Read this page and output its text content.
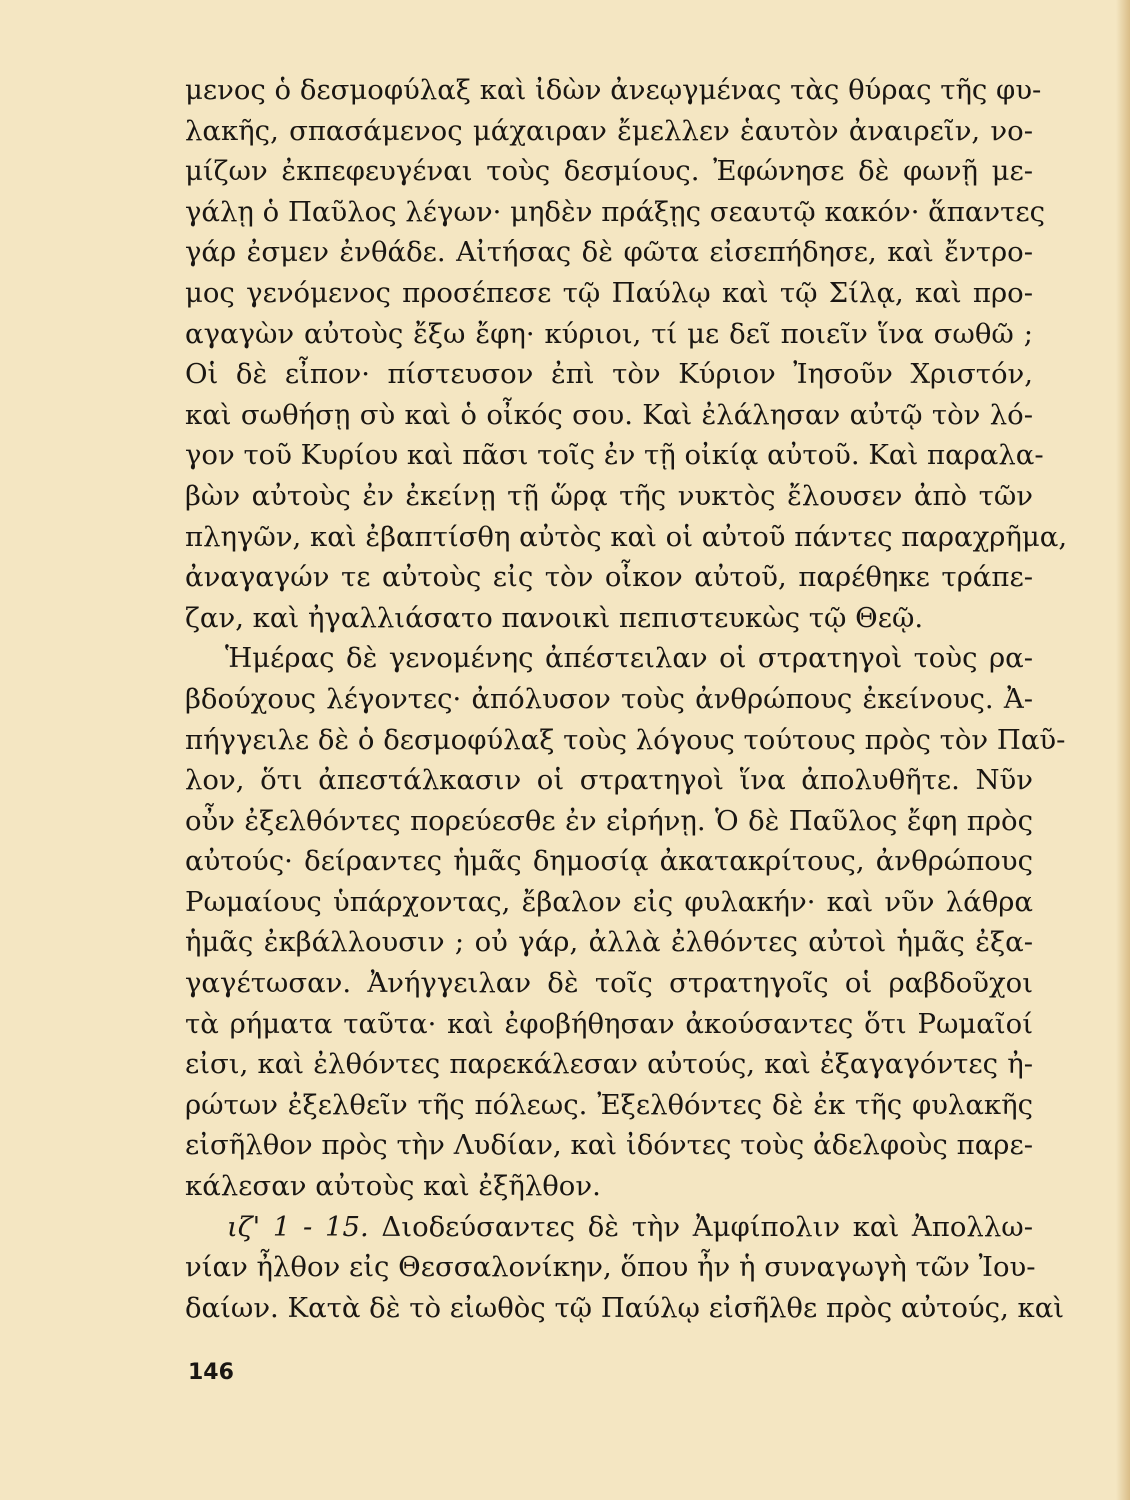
μενος ὁ δεσμοφύλαξ καὶ ἰδὼν ἀνεῳγμένας τὰς θύρας τῆς φυ-
λακῆς, σπασάμενος μάχαιραν ἔμελλεν ἑαυτὸν ἀναιρεῖν, νο-
μίζων ἐκπεφευγέναι τοὺς δεσμίους. Ἐφώνησε δὲ φωνῇ με-
γάλῃ ὁ Παῦλος λέγων· μηδὲν πράξῃς σεαυτῷ κακόν· ἅπαντες
γάρ ἐσμεν ἐνθάδε. Αἰτήσας δὲ φῶτα εἰσεπήδησε, καὶ ἔντρο-
μος γενόμενος προσέπεσε τῷ Παύλῳ καὶ τῷ Σίλᾳ, καὶ προ-
αγαγὼν αὐτοὺς ἔξω ἔφη· κύριοι, τί με δεῖ ποιεῖν ἵνα σωθῶ ;
Οἱ δὲ εἶπον· πίστευσον ἐπὶ τὸν Κύριον Ἰησοῦν Χριστόν,
καὶ σωθήσῃ σὺ καὶ ὁ οἶκός σου. Καὶ ἐλάλησαν αὐτῷ τὸν λό-
γον τοῦ Κυρίου καὶ πᾶσι τοῖς ἐν τῇ οἰκίᾳ αὐτοῦ. Καὶ παραλα-
βὼν αὐτοὺς ἐν ἐκείνῃ τῇ ὥρᾳ τῆς νυκτὸς ἔλουσεν ἀπὸ τῶν
πληγῶν, καὶ ἐβαπτίσθη αὐτὸς καὶ οἱ αὐτοῦ πάντες παραχρῆμα,
ἀναγαγών τε αὐτοὺς εἰς τὸν οἶκον αὐτοῦ, παρέθηκε τράπε-
ζαν, καὶ ἠγαλλιάσατο πανοικὶ πεπιστευκὼς τῷ Θεῷ.
Ἡμέρας δὲ γενομένης ἀπέστειλαν οἱ στρατηγοὶ τοὺς ρα-
βδούχους λέγοντες· ἀπόλυσον τοὺς ἀνθρώπους ἐκείνους. Ἀ-
πήγγειλε δὲ ὁ δεσμοφύλαξ τοὺς λόγους τούτους πρὸς τὸν Παῦ-
λον, ὅτι ἀπεστάλκασιν οἱ στρατηγοὶ ἵνα ἀπολυθῆτε. Νῦν
οὖν ἐξελθόντες πορεύεσθε ἐν εἰρήνῃ. Ὁ δὲ Παῦλος ἔφη πρὸς
αὐτούς· δείραντες ἡμᾶς δημοσίᾳ ἀκατακρίτους, ἀνθρώπους
Ρωμαίους ὑπάρχοντας, ἔβαλον εἰς φυλακήν· καὶ νῦν λάθρα
ἡμᾶς ἐκβάλλουσιν ; οὐ γάρ, ἀλλὰ ἐλθόντες αὐτοὶ ἡμᾶς ἐξα-
γαγέτωσαν. Ἀνήγγειλαν δὲ τοῖς στρατηγοῖς οἱ ραβδοῦχοι
τὰ ρήματα ταῦτα· καὶ ἐφοβήθησαν ἀκούσαντες ὅτι Ρωμαῖοί
εἰσι, καὶ ἐλθόντες παρεκάλεσαν αὐτούς, καὶ ἐξαγαγόντες ἠ-
ρώτων ἐξελθεῖν τῆς πόλεως. Ἐξελθόντες δὲ ἐκ τῆς φυλακῆς
εἰσῆλθον πρὸς τὴν Λυδίαν, καὶ ἰδόντες τοὺς ἀδελφοὺς παρε-
κάλεσαν αὐτοὺς καὶ ἐξῆλθον.
ιζ' 1 - 15. Διοδεύσαντες δὲ τὴν Ἀμφίπολιν καὶ Ἀπολλω-
νίαν ἦλθον εἰς Θεσσαλονίκην, ὅπου ἦν ἡ συναγωγὴ τῶν Ἰου-
δαίων. Κατὰ δὲ τὸ εἰωθὸς τῷ Παύλῳ εἰσῆλθε πρὸς αὐτούς, καὶ
146
